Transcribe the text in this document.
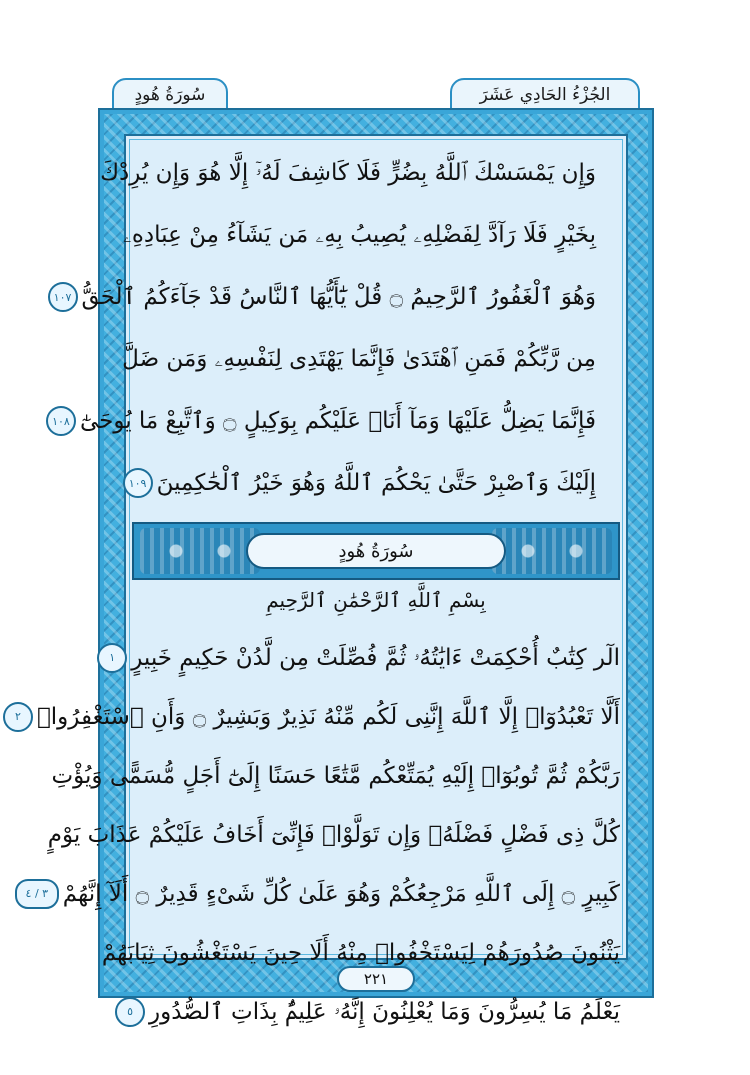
الجُزْءُ الحَادِي عَشَرَ
سُورَةُ هُودٍ
وَإِن يَمْسَسْكَ ٱللَّهُ بِضُرٍّ فَلَا كَاشِفَ لَهُۥٓ إِلَّا هُوَ وَإِن يُرِدْكَ
بِخَيْرٍ فَلَا رَآدَّ لِفَضْلِهِۦ يُصِيبُ بِهِۦ مَن يَشَآءُ مِنْ عِبَادِهِۦ
وَهُوَ ٱلْغَفُورُ ٱلرَّحِيمُ ۝ قُلْ يَٰٓأَيُّهَا ٱلنَّاسُ قَدْ جَآءَكُمُ ٱلْحَقُّ
١٠٧
مِن رَّبِّكُمْ فَمَنِ ٱهْتَدَىٰ فَإِنَّمَا يَهْتَدِى لِنَفْسِهِۦ وَمَن ضَلَّ
فَإِنَّمَا يَضِلُّ عَلَيْهَا وَمَآ أَنَا۠ عَلَيْكُم بِوَكِيلٍ ۝ وَٱتَّبِعْ مَا يُوحَىٰٓ
١٠٨
إِلَيْكَ وَٱصْبِرْ حَتَّىٰ يَحْكُمَ ٱللَّهُ وَهُوَ خَيْرُ ٱلْحَٰكِمِينَ
١٠٩
سُورَةُ هُودٍ
بِسْمِ ٱللَّهِ ٱلرَّحْمَٰنِ ٱلرَّحِيمِ
الٓر كِتَٰبٌ أُحْكِمَتْ ءَايَٰتُهُۥ ثُمَّ فُصِّلَتْ مِن لَّدُنْ حَكِيمٍ خَبِيرٍ
١
أَلَّا تَعْبُدُوٓا۟ إِلَّا ٱللَّهَ إِنَّنِى لَكُم مِّنْهُ نَذِيرٌ وَبَشِيرٌ ۝ وَأَنِ ٱسْتَغْفِرُوا۟
٢
رَبَّكُمْ ثُمَّ تُوبُوٓا۟ إِلَيْهِ يُمَتِّعْكُم مَّتَٰعًا حَسَنًا إِلَىٰٓ أَجَلٍ مُّسَمًّى وَيُؤْتِ
كُلَّ ذِى فَضْلٍ فَضْلَهُۥ وَإِن تَوَلَّوْا۟ فَإِنِّىٓ أَخَافُ عَلَيْكُمْ عَذَابَ يَوْمٍ
كَبِيرٍ ۝ إِلَى ٱللَّهِ مَرْجِعُكُمْ وَهُوَ عَلَىٰ كُلِّ شَىْءٍ قَدِيرٌ ۝ أَلَآ إِنَّهُمْ
٣ / ٤
يَثْنُونَ صُدُورَهُمْ لِيَسْتَخْفُوا۟ مِنْهُ أَلَا حِينَ يَسْتَغْشُونَ ثِيَابَهُمْ
يَعْلَمُ مَا يُسِرُّونَ وَمَا يُعْلِنُونَ إِنَّهُۥ عَلِيمٌۢ بِذَاتِ ٱلصُّدُورِ
٥
٢٢١
